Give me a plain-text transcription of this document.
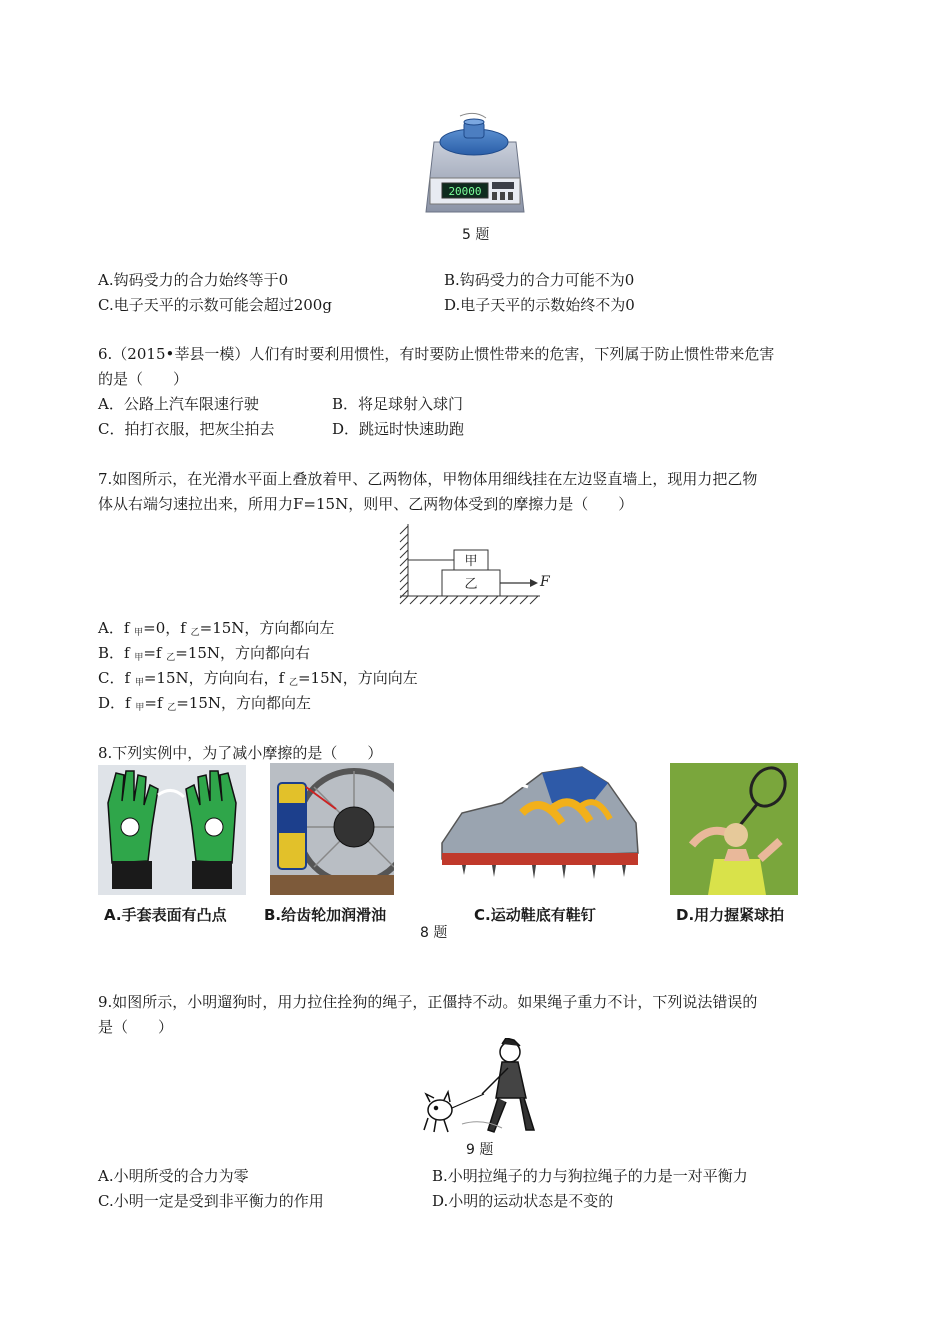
20000
5 题
A.钩码受力的合力始终等于0	B.钩码受力的合力可能不为0
C.电子天平的示数可能会超过200g	D.电子天平的示数始终不为0
6.（2015•莘县一模）人们有时要利用惯性，有时要防止惯性带来的危害，下列属于防止惯性带来危害
的是（　　）
A．公路上汽车限速行驶	B．将足球射入球门
C．拍打衣服，把灰尘拍去	D．跳远时快速助跑
7.如图所示，在光滑水平面上叠放着甲、乙两物体，甲物体用细线挂在左边竖直墙上，现用力把乙物
体从右端匀速拉出来，所用力F=15N，则甲、乙两物体受到的摩擦力是（　　）
甲
乙	F
A．f $_甲$=0，f $_乙$=15N，方向都向左
B．f $_甲$=f $_乙$=15N，方向都向右
C．f $_甲$=15N，方向向右，f $_乙$=15N，方向向左
D．f $_甲$=f $_乙$=15N，方向都向左
8.下列实例中，为了减小摩擦的是（　　）
A.手套表面有凸点 B.给齿轮加润滑油	C.运动鞋底有鞋钉	D.用力握紧球拍
8 题
9.如图所示，小明遛狗时，用力拉住拴狗的绳子，正僵持不动。如果绳子重力不计，下列说法错误的
是（　　）
9 题
A.小明所受的合力为零	B.小明拉绳子的力与狗拉绳子的力是一对平衡力
C.小明一定是受到非平衡力的作用	D.小明的运动状态是不变的
